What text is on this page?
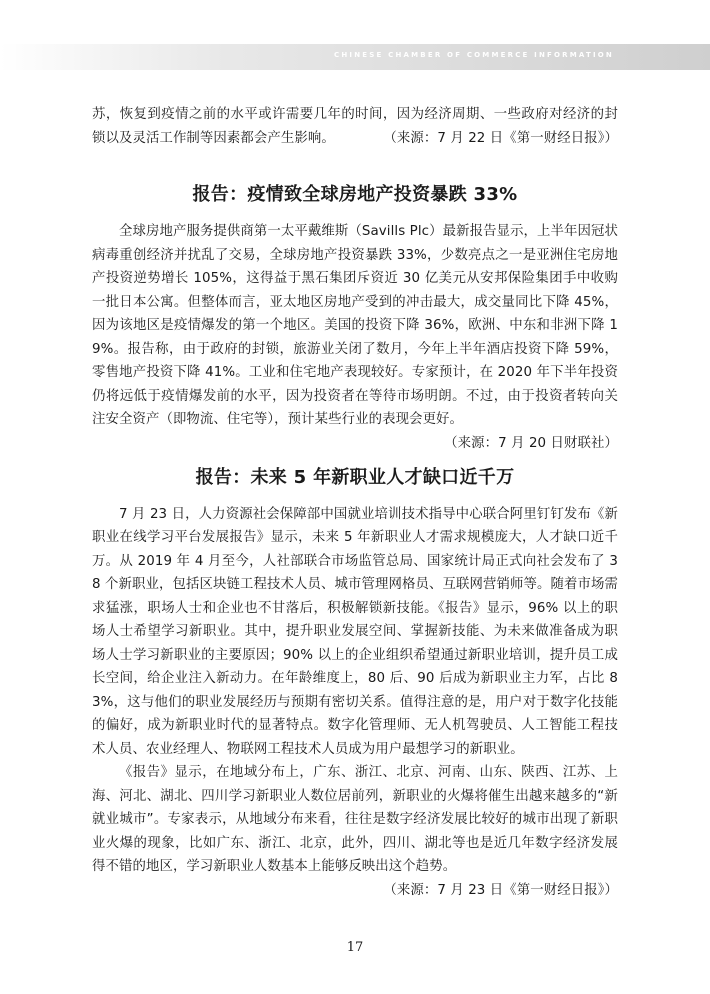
CHINESE CHAMBER OF COMMERCE INFORMATION

苏，恢复到疫情之前的水平或许需要几年的时间，因为经济周期、一些政府对经济的封锁以及灵活工作制等因素都会产生影响。	（来源：7 月 22 日《第一财经日报》）

报告：疫情致全球房地产投资暴跌 33%

全球房地产服务提供商第一太平戴维斯（Savills Plc）最新报告显示，上半年因冠状病毒重创经济并扰乱了交易，全球房地产投资暴跌 33%，少数亮点之一是亚洲住宅房地产投资逆势增长 105%，这得益于黑石集团斥资近 30 亿美元从安邦保险集团手中收购一批日本公寓。但整体而言，亚太地区房地产受到的冲击最大，成交量同比下降 45%，因为该地区是疫情爆发的第一个地区。美国的投资下降 36%，欧洲、中东和非洲下降 19%。报告称，由于政府的封锁，旅游业关闭了数月，今年上半年酒店投资下降 59%，零售地产投资下降 41%。工业和住宅地产表现较好。专家预计，在 2020 年下半年投资仍将远低于疫情爆发前的水平，因为投资者在等待市场明朗。不过，由于投资者转向关注安全资产（即物流、住宅等），预计某些行业的表现会更好。
（来源：7 月 20 日财联社）

报告：未来 5 年新职业人才缺口近千万

7 月 23 日，人力资源社会保障部中国就业培训技术指导中心联合阿里钉钉发布《新职业在线学习平台发展报告》显示，未来 5 年新职业人才需求规模庞大，人才缺口近千万。从 2019 年 4 月至今，人社部联合市场监管总局、国家统计局正式向社会发布了 38 个新职业，包括区块链工程技术人员、城市管理网格员、互联网营销师等。随着市场需求猛涨，职场人士和企业也不甘落后，积极解锁新技能。《报告》显示，96% 以上的职场人士希望学习新职业。其中，提升职业发展空间、掌握新技能、为未来做准备成为职场人士学习新职业的主要原因；90% 以上的企业组织希望通过新职业培训，提升员工成长空间，给企业注入新动力。在年龄维度上，80 后、90 后成为新职业主力军，占比 83%，这与他们的职业发展经历与预期有密切关系。值得注意的是，用户对于数字化技能的偏好，成为新职业时代的显著特点。数字化管理师、无人机驾驶员、人工智能工程技术人员、农业经理人、物联网工程技术人员成为用户最想学习的新职业。

《报告》显示，在地域分布上，广东、浙江、北京、河南、山东、陕西、江苏、上海、河北、湖北、四川学习新职业人数位居前列，新职业的火爆将催生出越来越多的“新就业城市”。专家表示，从地域分布来看，往往是数字经济发展比较好的城市出现了新职业火爆的现象，比如广东、浙江、北京，此外，四川、湖北等也是近几年数字经济发展得不错的地区，学习新职业人数基本上能够反映出这个趋势。
（来源：7 月 23 日《第一财经日报》）

17
